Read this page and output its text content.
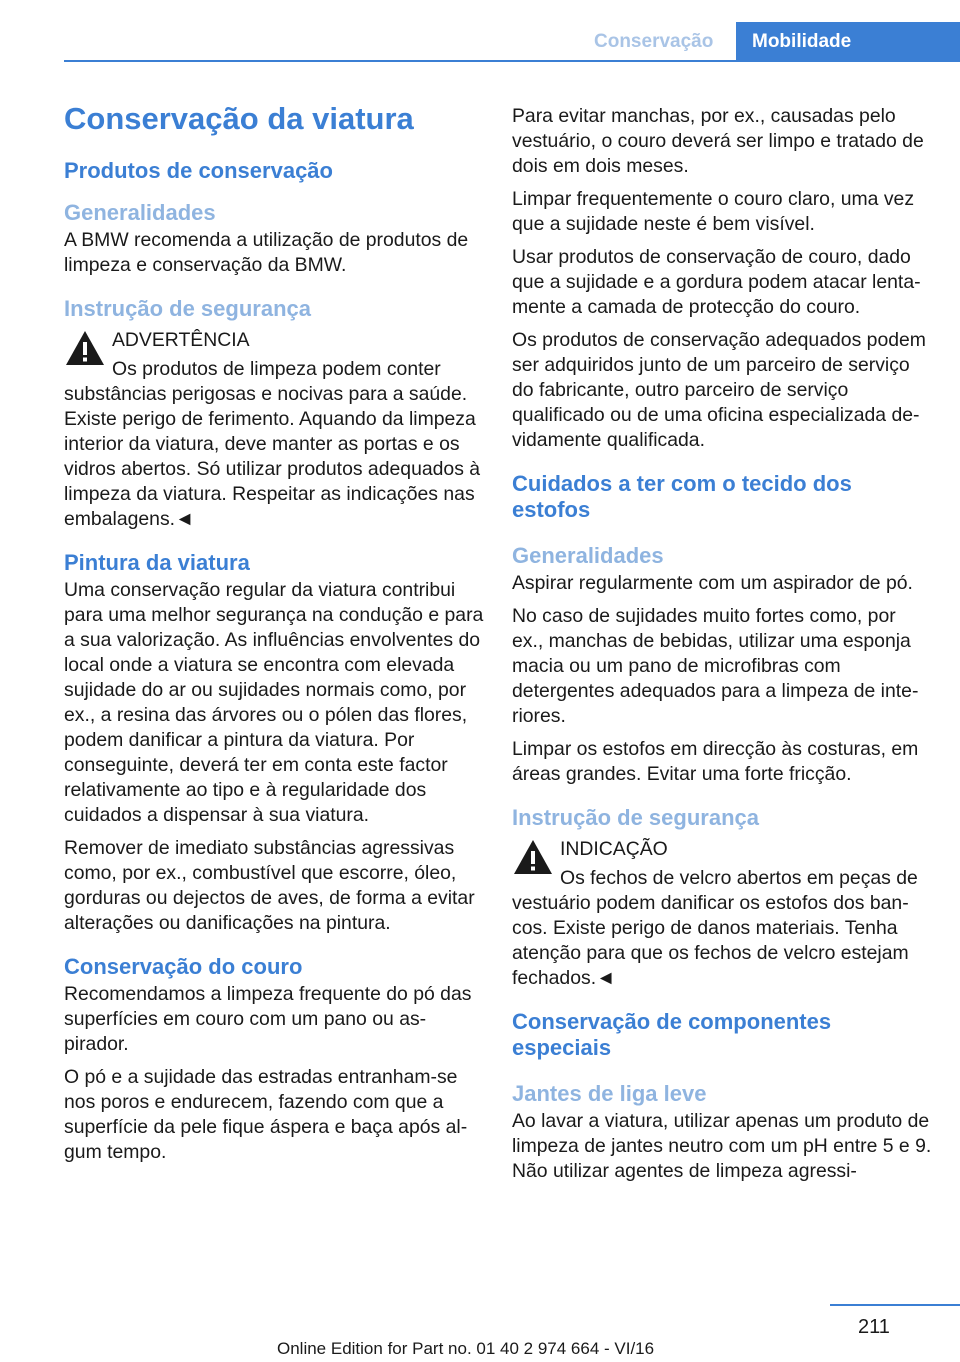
Conservação	Mobilidade
Conservação da viatura
Produtos de conservação
Generalidades

A BMW recomenda a utilização de produtos de limpeza e conservação da BMW.

Instrução de segurança

ADVERTÊNCIA

Os produtos de limpeza podem conter
substâncias perigosas e nocivas para a saúde. Existe perigo de ferimento. Aquando da limpeza interior da viatura, deve manter as portas e os vidros abertos. Só utilizar produtos adequados à limpeza da viatura. Respeitar as indicações nas embalagens.◄
Pintura da viatura

Uma conservação regular da viatura contribui para uma melhor segurança na condução e para a sua valorização. As influências envolventes do local onde a viatura se encontra com elevada sujidade do ar ou sujidades normais como, por ex., a resina das árvores ou o pólen das flores, podem danificar a pintura da viatura. Por conseguinte, deverá ter em conta este factor relativamente ao tipo e à regularidade dos cuidados a dispensar à sua viatura.

Remover de imediato substâncias agressivas como, por ex., combustível que escorre, óleo, gorduras ou dejectos de aves, de forma a evitar alterações ou danificações na pintura.

Conservação do couro

Recomendamos a limpeza frequente do pó das superfícies em couro com um pano ou aspirador.

O pó e a sujidade das estradas entranham-se nos poros e endurecem, fazendo com que a superfície da pele fique áspera e baça após algum tempo.

Para evitar manchas, por ex., causadas pelo vestuário, o couro deverá ser limpo e tratado de dois em dois meses.

Limpar frequentemente o couro claro, uma vez que a sujidade neste é bem visível.

Usar produtos de conservação de couro, dado que a sujidade e a gordura podem atacar lentamente a camada de protecção do couro.

Os produtos de conservação adequados podem ser adquiridos junto de um parceiro de serviço do fabricante, outro parceiro de serviço qualificado ou de uma oficina especializada devidamente qualificada.

Cuidados a ter com o tecido dos estofos
Generalidades

Aspirar regularmente com um aspirador de pó.

No caso de sujidades muito fortes como, por ex., manchas de bebidas, utilizar uma esponja macia ou um pano de microfibras com detergentes adequados para a limpeza de interiores.

Limpar os estofos em direcção às costuras, em áreas grandes. Evitar uma forte fricção.

Instrução de segurança

INDICAÇÃO

Os fechos de velcro abertos em peças de
vestuário podem danificar os estofos dos bancos. Existe perigo de danos materiais. Tenha atenção para que os fechos de velcro estejam fechados.◄
Conservação de componentes especiais
Jantes de liga leve

Ao lavar a viatura, utilizar apenas um produto de limpeza de jantes neutro com um pH entre 5 e 9. Não utilizar agentes de limpeza agressi-

211
Online Edition for Part no. 01 40 2 974 664 - VI/16
